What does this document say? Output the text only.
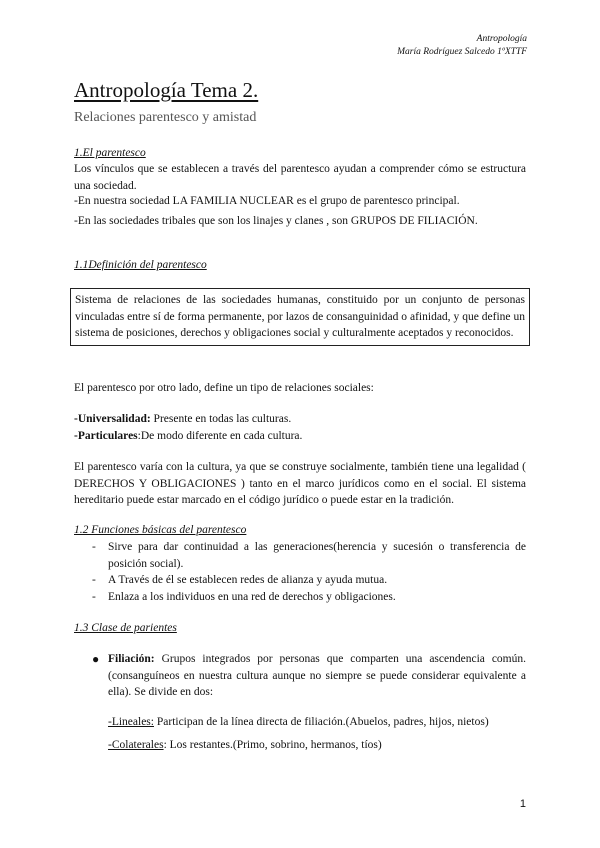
Antropología
María Rodríguez Salcedo 1ºXTTF
Antropología Tema 2.
Relaciones parentesco y amistad
1.El parentesco
Los vínculos que se establecen a través del parentesco ayudan a comprender cómo se estructura una sociedad.
-En nuestra sociedad LA FAMILIA NUCLEAR es el grupo de parentesco principal.
-En las sociedades tribales que son los linajes y clanes , son GRUPOS DE FILIACIÓN.
1.1Definición del parentesco
Sistema de relaciones de las sociedades humanas, constituido por un conjunto de personas vinculadas entre sí de forma permanente, por lazos de consanguinidad o afinidad, y que define un sistema de posiciones, derechos y obligaciones social y culturalmente aceptados y reconocidos.
El parentesco por otro lado, define un tipo de relaciones sociales:
-Universalidad: Presente en todas las culturas.
-Particulares:De modo diferente en cada cultura.
El parentesco varía con la cultura, ya que se construye socialmente, también tiene una legalidad ( DERECHOS Y OBLIGACIONES ) tanto en el marco jurídicos como en el social. El sistema hereditario puede estar marcado en el código jurídico o puede estar en la tradición.
1.2 Funciones básicas del parentesco
- Sirve para dar continuidad a las generaciones(herencia y sucesión o transferencia de posición social).
- A Través de él se establecen redes de alianza y ayuda mutua.
- Enlaza a los individuos en una red de derechos y obligaciones.
1.3 Clase de parientes
● Filiación: Grupos integrados por personas que comparten una ascendencia común. (consanguíneos en nuestra cultura aunque no siempre se puede considerar equivalente a ella). Se divide en dos:
-Lineales: Participan de la línea directa de filiación.(Abuelos, padres, hijos, nietos)
-Colaterales: Los restantes.(Primo, sobrino, hermanos, tíos)
1
